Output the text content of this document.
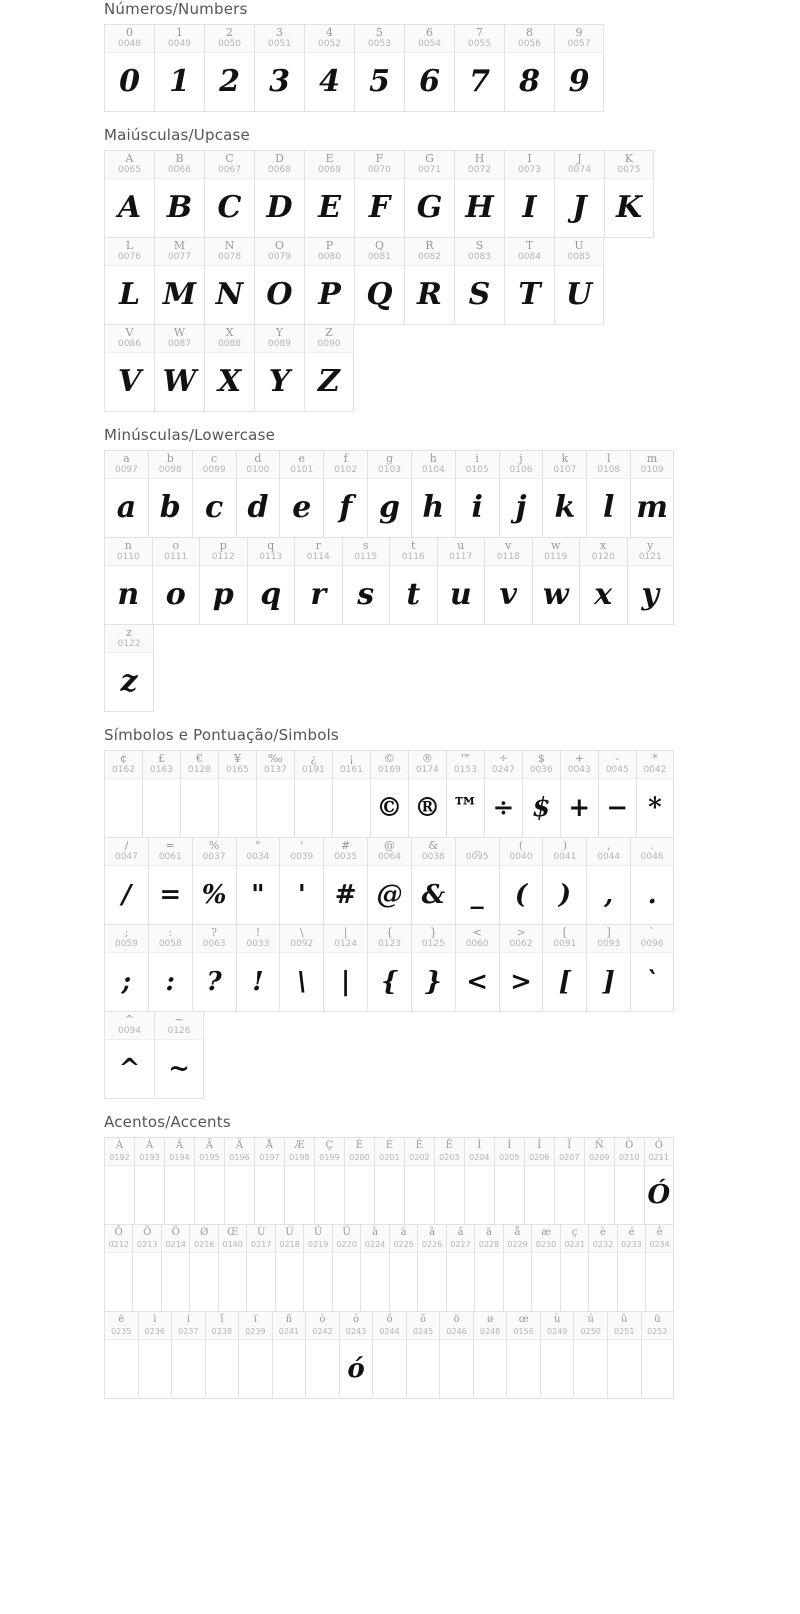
Números/Numbers
0
0048
0
1
0049
1
2
0050
2
3
0051
3
4
0052
4
5
0053
5
6
0054
6
7
0055
7
8
0056
8
9
0057
9
Maiúsculas/Upcase
A
0065
A
B
0066
B
C
0067
C
D
0068
D
E
0069
E
F
0070
F
G
0071
G
H
0072
H
I
0073
I
J
0074
J
K
0075
K
L
0076
L
M
0077
M
N
0078
N
O
0079
O
P
0080
P
Q
0081
Q
R
0082
R
S
0083
S
T
0084
T
U
0085
U
V
0086
V
W
0087
W
X
0088
X
Y
0089
Y
Z
0090
Z
Minúsculas/Lowercase
a
0097
a
b
0098
b
c
0099
c
d
0100
d
e
0101
e
f
0102
f
g
0103
g
h
0104
h
i
0105
i
j
0106
j
k
0107
k
l
0108
l
m
0109
m
n
0110
n
o
0111
o
p
0112
p
q
0113
q
r
0114
r
s
0115
s
t
0116
t
u
0117
u
v
0118
v
w
0119
w
x
0120
x
y
0121
y
z
0122
z
Símbolos e Pontuação/Simbols
¢
0162
£
0163
€
0128
¥
0165
‰
0137
¿
0191
¡
0161
©
0169
©
®
0174
®
™
0153
™
÷
0247
÷
$
0036
$
+
0043
+
-
0045
−
*
0042
*
/
0047
/
=
0061
=
%
0037
%
"
0034
"
'
0039
'
#
0035
#
@
0064
@
&
0038
&
_
0095
_
(
0040
(
)
0041
)
,
0044
,
.
0046
.
;
0059
;
:
0058
:
?
0063
?
!
0033
!
\
0092
\
|
0124
|
{
0123
{
}
0125
}
<
0060
<
>
0062
>
[
0091
[
]
0093
]
`
0096
`
^
0094
^
~
0126
~
Acentos/Accents
À
0192
Á
0193
Â
0194
Ã
0195
Ä
0196
Å
0197
Æ
0198
Ç
0199
È
0200
É
0201
Ê
0202
Ë
0203
Ì
0204
Í
0205
Î
0206
Ï
0207
Ñ
0209
Ò
0210
Ó
0211
Ó
Ô
0212
Õ
0213
Ö
0214
Ø
0216
Œ
0140
Ù
0217
Ú
0218
Û
0219
Ü
0220
à
0224
á
0225
â
0226
ã
0227
ä
0228
å
0229
æ
0230
ç
0231
è
0232
é
0233
ê
0234
ë
0235
ì
0236
í
0237
î
0238
ï
0239
ñ
0241
ò
0242
ó
0243
ó
ô
0244
õ
0245
ö
0246
ø
0248
œ
0156
ù
0249
ú
0250
û
0251
ü
0252
